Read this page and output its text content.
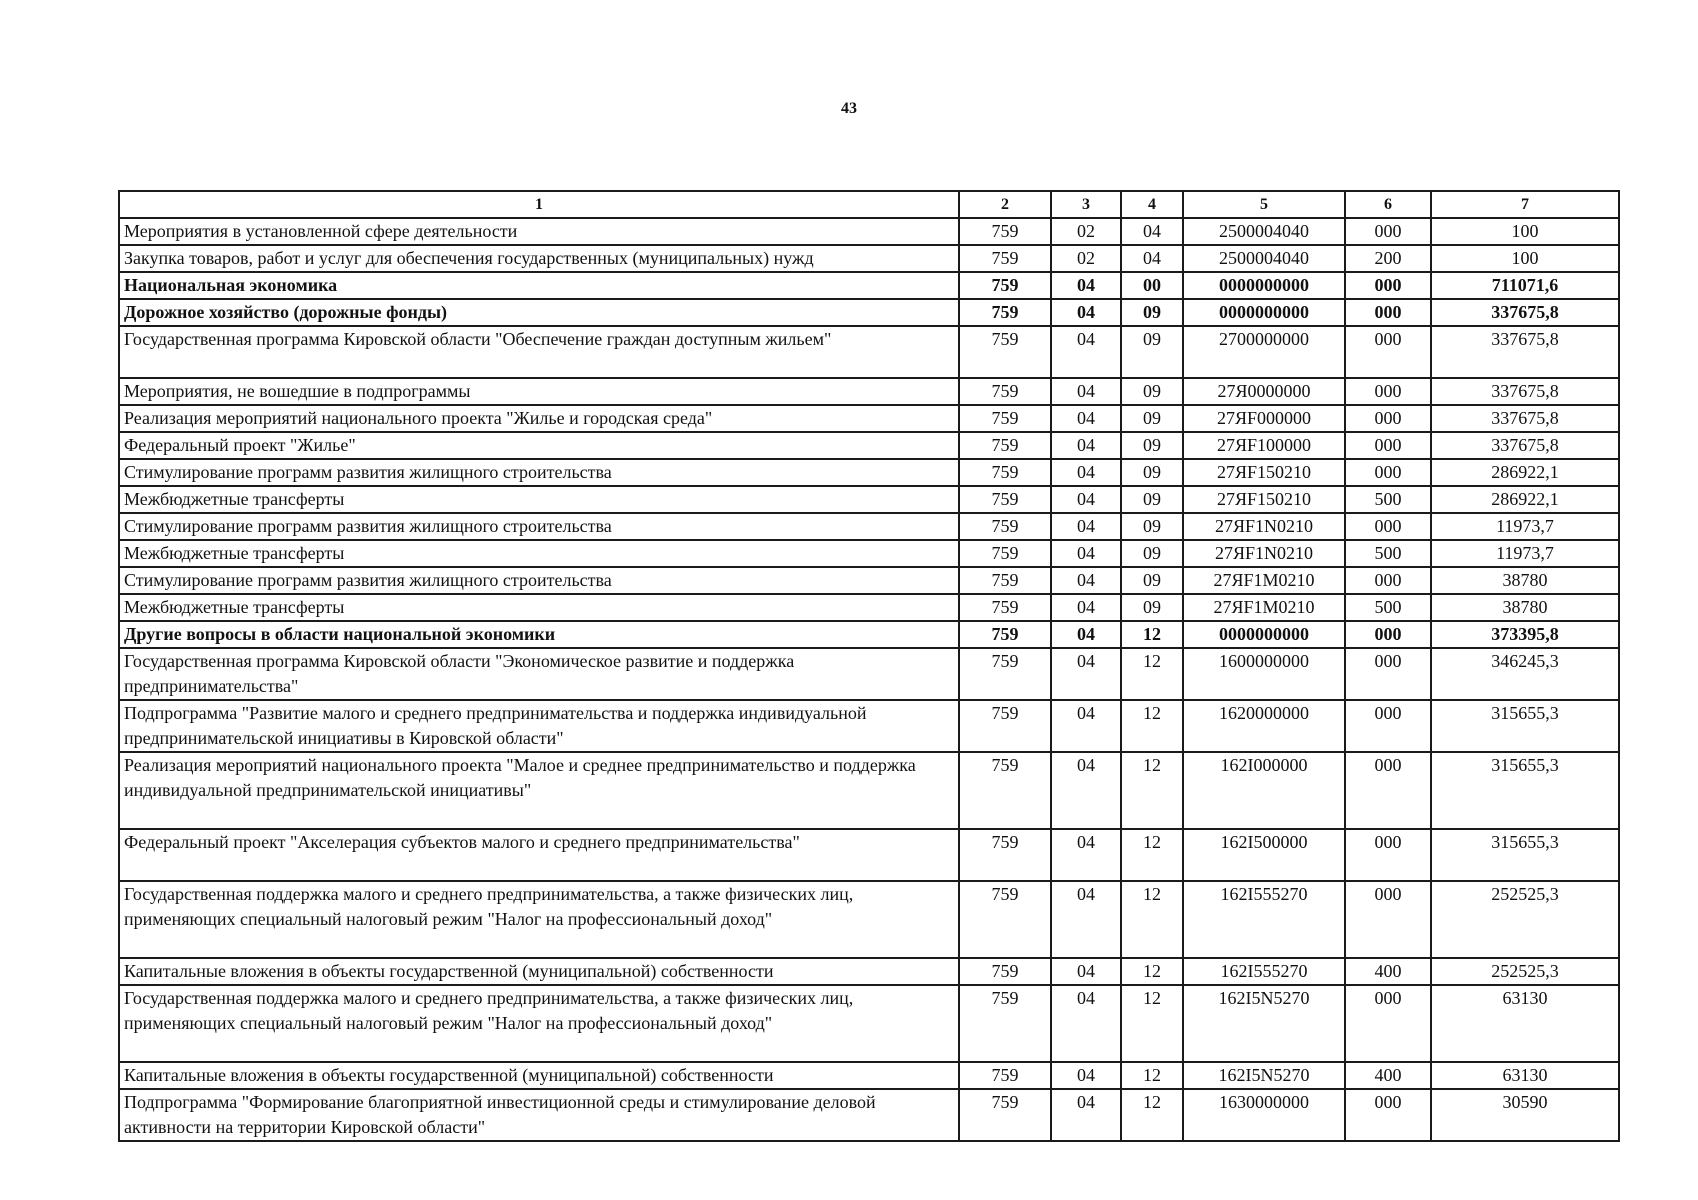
43
1	2	3	4	5	6	7
Мероприятия в установленной сфере деятельности	759	02	04	2500004040	000	100
Закупка товаров, работ и услуг для обеспечения государственных (муниципальных) нужд	759	02	04	2500004040	200	100
Национальная экономика	759	04	00	0000000000	000	711071,6
Дорожное хозяйство (дорожные фонды)	759	04	09	0000000000	000	337675,8
Государственная программа Кировской области "Обеспечение граждан доступным жильем"	759	04	09	2700000000	000	337675,8
Мероприятия, не вошедшие в подпрограммы	759	04	09	27Я0000000	000	337675,8
Реализация мероприятий национального проекта "Жилье и городская среда"	759	04	09	27ЯF000000	000	337675,8
Федеральный проект "Жилье"	759	04	09	27ЯF100000	000	337675,8
Стимулирование программ развития жилищного строительства	759	04	09	27ЯF150210	000	286922,1
Межбюджетные трансферты	759	04	09	27ЯF150210	500	286922,1
Стимулирование программ развития жилищного строительства	759	04	09	27ЯF1N0210	000	11973,7
Межбюджетные трансферты	759	04	09	27ЯF1N0210	500	11973,7
Стимулирование программ развития жилищного строительства	759	04	09	27ЯF1M0210	000	38780
Межбюджетные трансферты	759	04	09	27ЯF1M0210	500	38780
Другие вопросы в области национальной экономики	759	04	12	0000000000	000	373395,8
Государственная программа Кировской области "Экономическое развитие и поддержка предпринимательства"	759	04	12	1600000000	000	346245,3
Подпрограмма "Развитие малого и среднего предпринимательства и поддержка индивидуальной предпринимательской инициативы в Кировской области"	759	04	12	1620000000	000	315655,3
Реализация мероприятий национального проекта "Малое и среднее предпринимательство и поддержка индивидуальной предпринимательской инициативы"	759	04	12	162I000000	000	315655,3
Федеральный проект "Акселерация субъектов малого и среднего предпринимательства"	759	04	12	162I500000	000	315655,3
Государственная поддержка малого и среднего предпринимательства, а также физических лиц, применяющих специальный налоговый режим "Налог на профессиональный доход"	759	04	12	162I555270	000	252525,3
Капитальные вложения в объекты государственной (муниципальной) собственности	759	04	12	162I555270	400	252525,3
Государственная поддержка малого и среднего предпринимательства, а также физических лиц, применяющих специальный налоговый режим "Налог на профессиональный доход"	759	04	12	162I5N5270	000	63130
Капитальные вложения в объекты государственной (муниципальной) собственности	759	04	12	162I5N5270	400	63130
Подпрограмма "Формирование благоприятной инвестиционной среды и стимулирование деловой активности на территории Кировской области"	759	04	12	1630000000	000	30590
